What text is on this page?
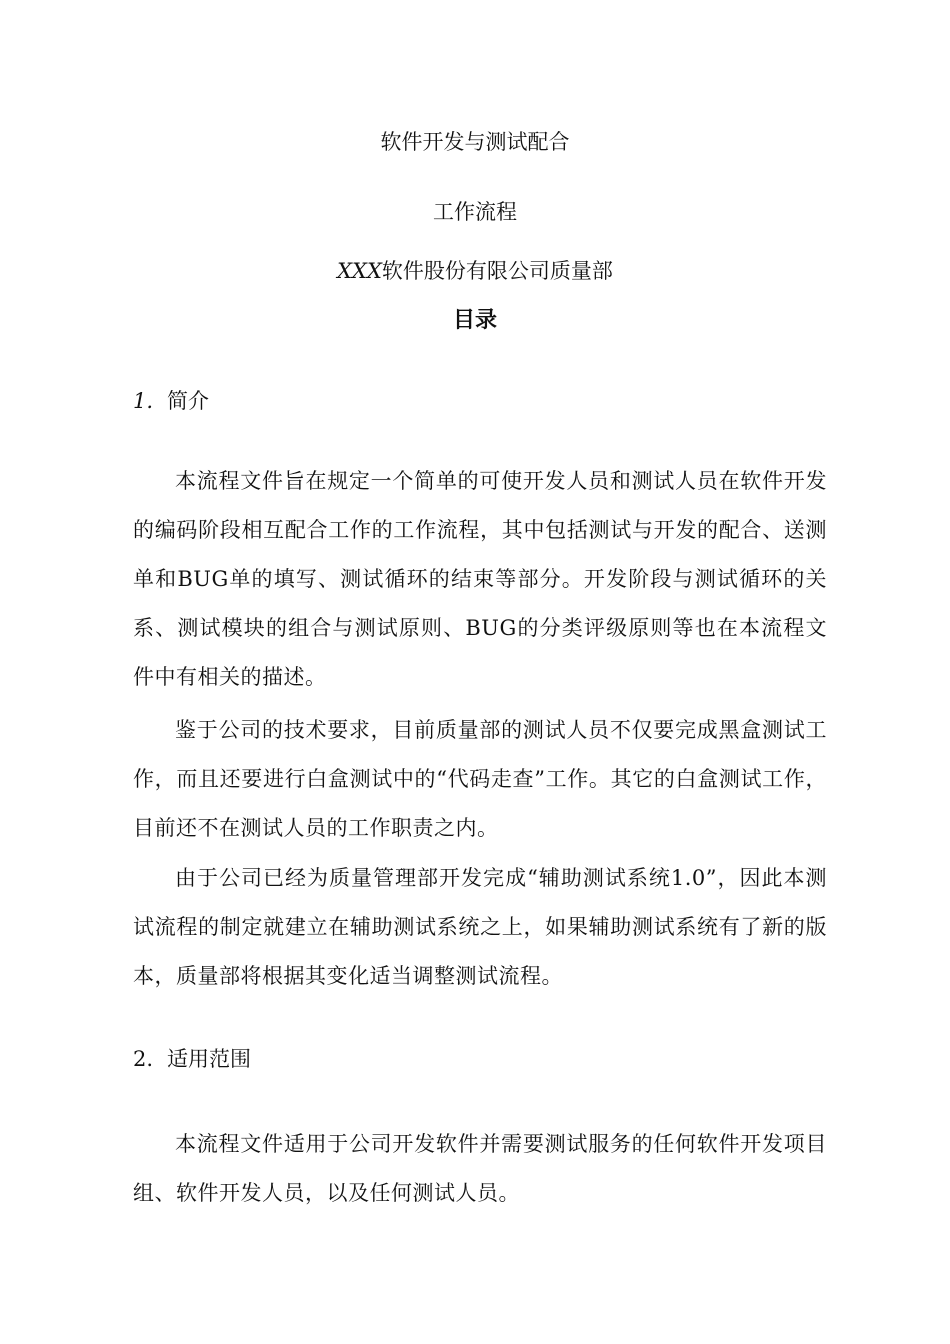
软件开发与测试配合
工作流程
XXX软件股份有限公司质量部
目录
1. 简介

本流程文件旨在规定一个简单的可使开发人员和测试人员在软件开发的编码阶段相互配合工作的工作流程，其中包括测试与开发的配合、送测单和BUG单的填写、测试循环的结束等部分。开发阶段与测试循环的关系、测试模块的组合与测试原则、BUG的分类评级原则等也在本流程文件中有相关的描述。

鉴于公司的技术要求，目前质量部的测试人员不仅要完成黑盒测试工作，而且还要进行白盒测试中的“代码走查”工作。其它的白盒测试工作，目前还不在测试人员的工作职责之内。

由于公司已经为质量管理部开发完成“辅助测试系统1.0”，因此本测试流程的制定就建立在辅助测试系统之上，如果辅助测试系统有了新的版本，质量部将根据其变化适当调整测试流程。

2. 适用范围

本流程文件适用于公司开发软件并需要测试服务的任何软件开发项目组、软件开发人员，以及任何测试人员。
